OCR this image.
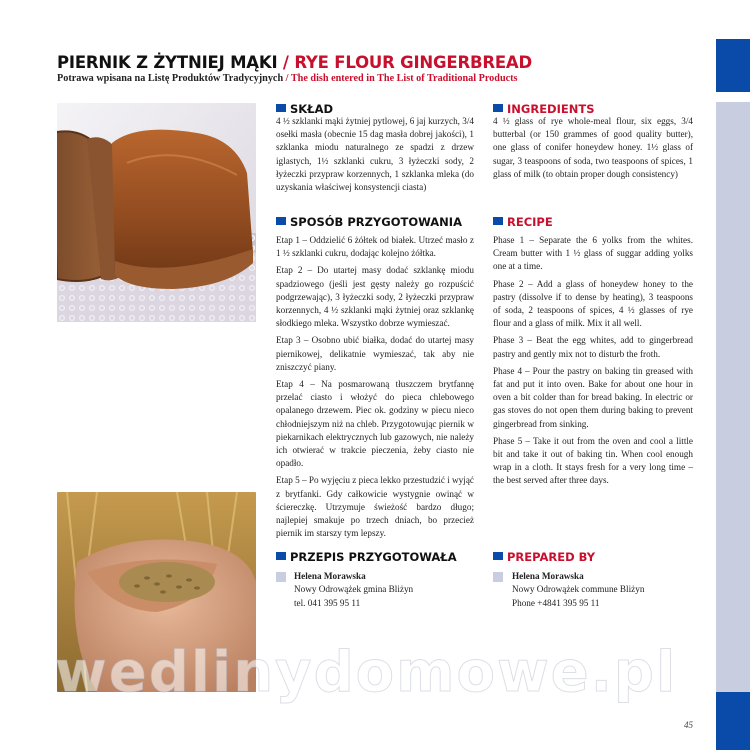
PIERNIK Z ŻYTNIEJ MĄKI / RYE FLOUR GINGERBREAD
Potrawa wpisana na Listę Produktów Tradycyjnych / The dish entered in The List of Traditional Products
SKŁAD

4 ½ szklanki mąki żytniej pytlowej, 6 jaj kurzych, 3/4 osełki masła (obecnie 15 dag masła dobrej jakości), 1 szklanka miodu naturalnego ze spadzi z drzew iglastych, 1½ szklanki cukru, 3 łyżeczki sody, 2 łyżeczki przypraw korzennych, 1 szklanka mleka (do uzyskania właściwej konsystencji ciasta)

INGREDIENTS

4 ½ glass of rye whole-meal flour, six eggs, 3/4 butterbal (or 150 grammes of good quality butter), one glass of conifer honeydew honey. 1½ glass of sugar, 3 teaspoons of soda, two teaspoons of spices, 1 glass of milk (to obtain proper dough consistency)

SPOSÓB PRZYGOTOWANIA

Etap 1 – Oddzielić 6 żółtek od białek. Utrzeć masło z 1 ½ szklanki cukru, dodając kolejno żółtka.

Etap 2 – Do utartej masy dodać szklankę miodu spadziowego (jeśli jest gęsty należy go rozpuścić podgrzewając), 3 łyżeczki sody, 2 łyżeczki przypraw korzennych, 4 ½ szklanki mąki żytniej oraz szklankę słodkiego mleka. Wszystko dobrze wymieszać.

Etap 3 – Osobno ubić białka, dodać do utartej masy piernikowej, delikatnie wymieszać, tak aby nie zniszczyć piany.

Etap 4 – Na posmarowaną tłuszczem brytfannę przelać ciasto i włożyć do pieca chlebowego opalanego drzewem. Piec ok. godziny w piecu nieco chłodniejszym niż na chleb. Przygotowując piernik w piekarnikach elektrycznych lub gazowych, nie należy ich otwierać w trakcie pieczenia, żeby ciasto nie opadło.

Etap 5 – Po wyjęciu z pieca lekko przestudzić i wyjąć z brytfanki. Gdy całkowicie wystygnie owinąć w ściereczkę. Utrzymuje świeżość bardzo długo; najlepiej smakuje po trzech dniach, bo przecież piernik im starszy tym lepszy.

RECIPE

Phase 1 – Separate the 6 yolks from the whites. Cream butter with 1 ½ glass of suggar adding yolks one at a time.

Phase 2 – Add a glass of honeydew honey to the pastry (dissolve if to dense by heating), 3 teaspoons of soda, 2 teaspoons of spices, 4 ½ glasses of rye flour and a glass of milk. Mix it all well.

Phase 3 – Beat the egg whites, add to gingerbread pastry and gently mix not to disturb the froth.

Phase 4 – Pour the pastry on baking tin greased with fat and put it into oven. Bake for about one hour in oven a bit colder than for bread baking. In electric or gas stoves do not open them during baking to prevent gingerbread from sinking.

Phase 5 – Take it out from the oven and cool a little bit and take it out of baking tin. When cool enough wrap in a cloth. It stays fresh for a very long time – the best served after three days.

PRZEPIS PRZYGOTOWAŁA
Helena Morawska
Nowy Odrowążek gmina Bliżyn
tel. 041 395 95 11
PREPARED BY
Helena Morawska
Nowy Odrowążek commune Bliżyn
Phone +4841 395 95 11
wedlinydomowe.pl
45
